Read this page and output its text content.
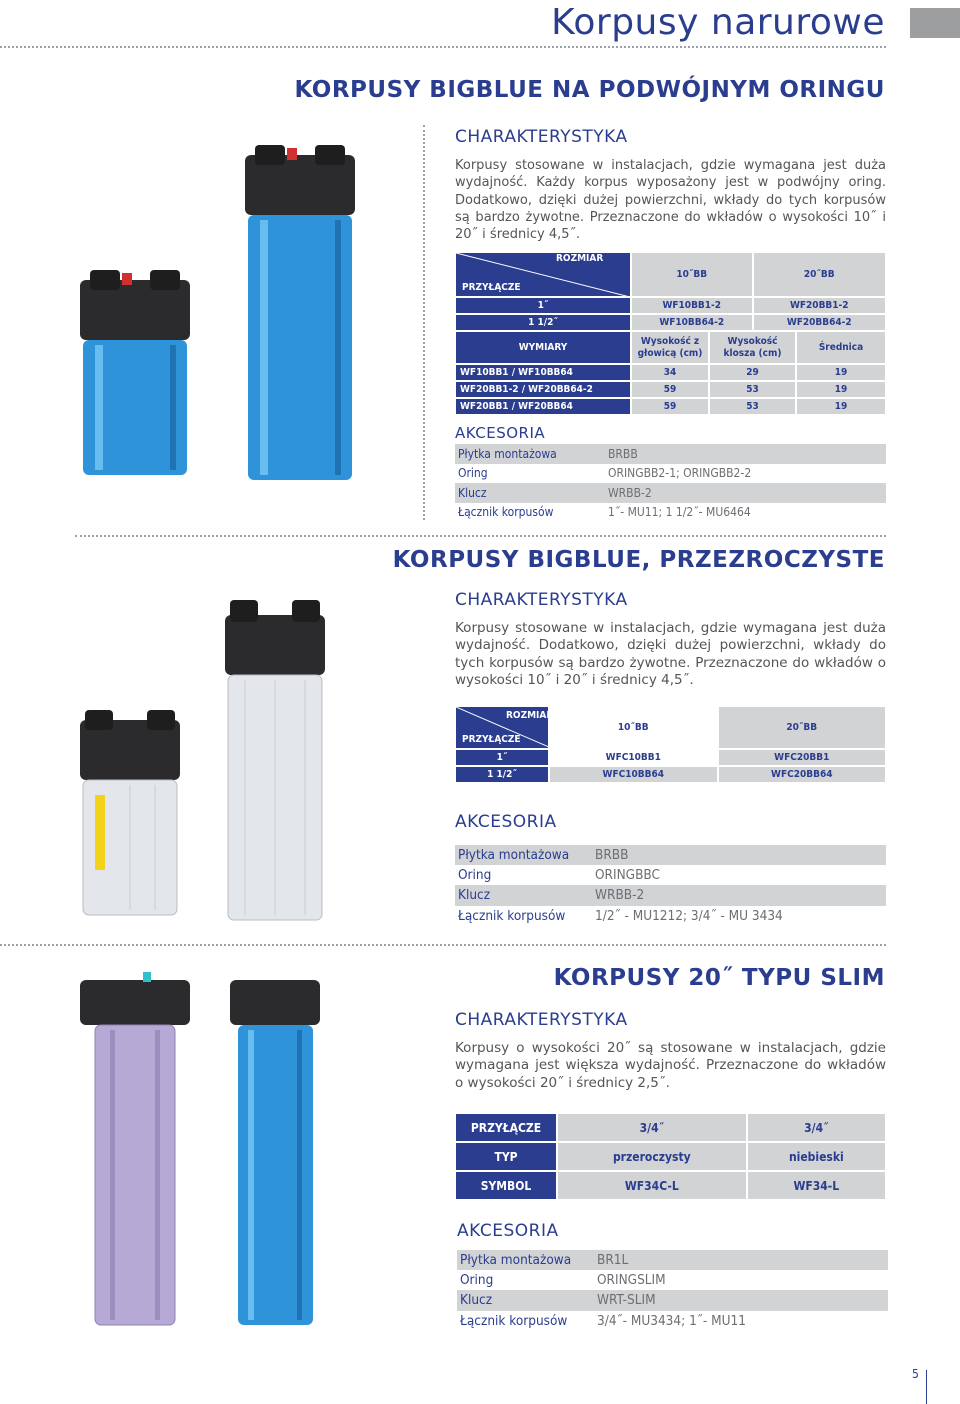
Korpusy narurowe
KORPUSY BIGBLUE NA PODWÓJNYM ORINGU
CHARAKTERYSTYKA
Korpusy stosowane w instalacjach, gdzie wymagana jest duża wydajność. Każdy korpus wyposażony jest w podwójny oring. Dodatkowo, dzięki dużej powierzchni, wkłady do tych korpusów są bardzo żywotne. Przeznaczone do wkładów o wysokości 10˝ i 20˝ i średnicy 4,5˝.
ROZMIAR
PRZYŁĄCZE	10˝BB		20˝BB	
1˝	WF10BB1-2		WF20BB1-2	
1 1/2˝	WF10BB64-2		WF20BB64-2	
WYMIARY	Wysokość z głowicą (cm)	Wysokość klosza (cm)		Średnica
WF10BB1 / WF10BB64	34	29		19
WF20BB1-2 / WF20BB64-2	59	53		19
WF20BB1 / WF20BB64	59	53		19
AKCESORIA
Płytka montażowa	BRBB
Oring	ORINGBB2-1; ORINGBB2-2
Klucz	WRBB-2
Łącznik korpusów	1˝- MU11; 1 1/2˝- MU6464
KORPUSY BIGBLUE, PRZEZROCZYSTE
CHARAKTERYSTYKA
Korpusy stosowane w instalacjach, gdzie wymagana jest duża wydajność. Dodatkowo, dzięki dużej powierzchni, wkłady do tych korpusów są bardzo żywotne. Przeznaczone do wkładów o wysokości 10˝ i 20˝ i średnicy 4,5˝.
ROZMIAR
PRZYŁĄCZE	10˝BB	20˝BB
1˝	WFC10BB1	WFC20BB1
1 1/2˝	WFC10BB64	WFC20BB64
AKCESORIA
Płytka montażowa	BRBB
Oring	ORINGBBC
Klucz	WRBB-2
Łącznik korpusów	1/2˝ - MU1212; 3/4˝ - MU 3434
KORPUSY 20˝ TYPU SLIM
CHARAKTERYSTYKA
Korpusy o wysokości 20˝ są stosowane w instalacjach, gdzie wymagana jest większa wydajność. Przeznaczone do wkładów o wysokości 20˝ i średnicy 2,5˝.
PRZYŁĄCZE	3/4˝	3/4˝
TYP	przeroczysty	niebieski
SYMBOL	WF34C-L	WF34-L
AKCESORIA
Płytka montażowa	BR1L
Oring	ORINGSLIM
Klucz	WRT-SLIM
Łącznik korpusów	3/4˝- MU3434; 1˝- MU11
5
